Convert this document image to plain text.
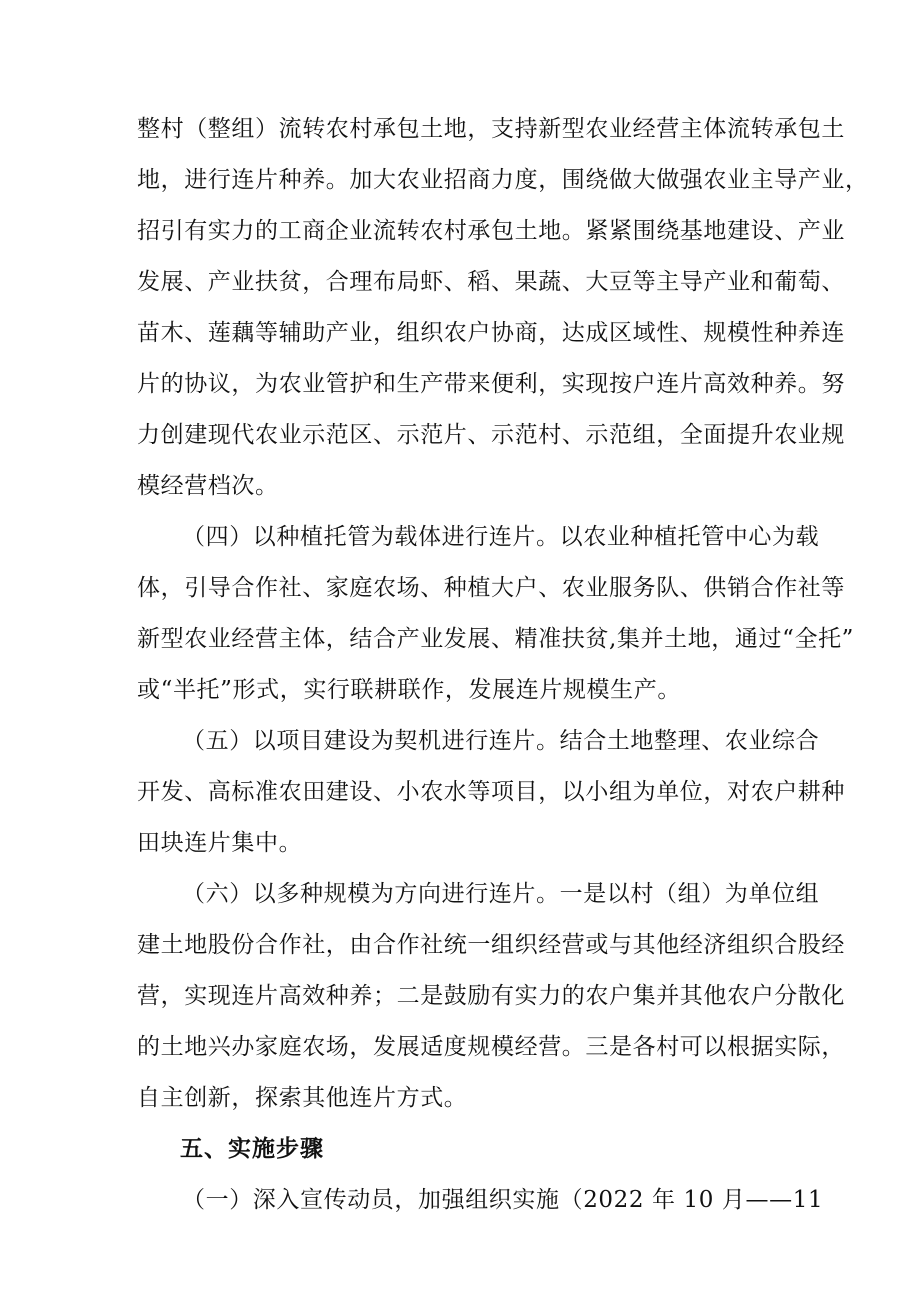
整村（整组）流转农村承包土地，支持新型农业经营主体流转承包土
地，进行连片种养。加大农业招商力度，围绕做大做强农业主导产业，
招引有实力的工商企业流转农村承包土地。紧紧围绕基地建设、产业
发展、产业扶贫，合理布局虾、稻、果蔬、大豆等主导产业和葡萄、
苗木、莲藕等辅助产业，组织农户协商，达成区域性、规模性种养连
片的协议，为农业管护和生产带来便利，实现按户连片高效种养。努
力创建现代农业示范区、示范片、示范村、示范组，全面提升农业规
模经营档次。
（四）以种植托管为载体进行连片。以农业种植托管中心为载
体，引导合作社、家庭农场、种植大户、农业服务队、供销合作社等
新型农业经营主体，结合产业发展、精准扶贫,集并土地，通过“全托”
或“半托”形式，实行联耕联作，发展连片规模生产。
（五）以项目建设为契机进行连片。结合土地整理、农业综合
开发、高标准农田建设、小农水等项目，以小组为单位，对农户耕种
田块连片集中。
（六）以多种规模为方向进行连片。一是以村（组）为单位组
建土地股份合作社，由合作社统一组织经营或与其他经济组织合股经
营，实现连片高效种养；二是鼓励有实力的农户集并其他农户分散化
的土地兴办家庭农场，发展适度规模经营。三是各村可以根据实际，
自主创新，探索其他连片方式。
五、实施步骤
（一）深入宣传动员，加强组织实施（2022 年 10 月——11
